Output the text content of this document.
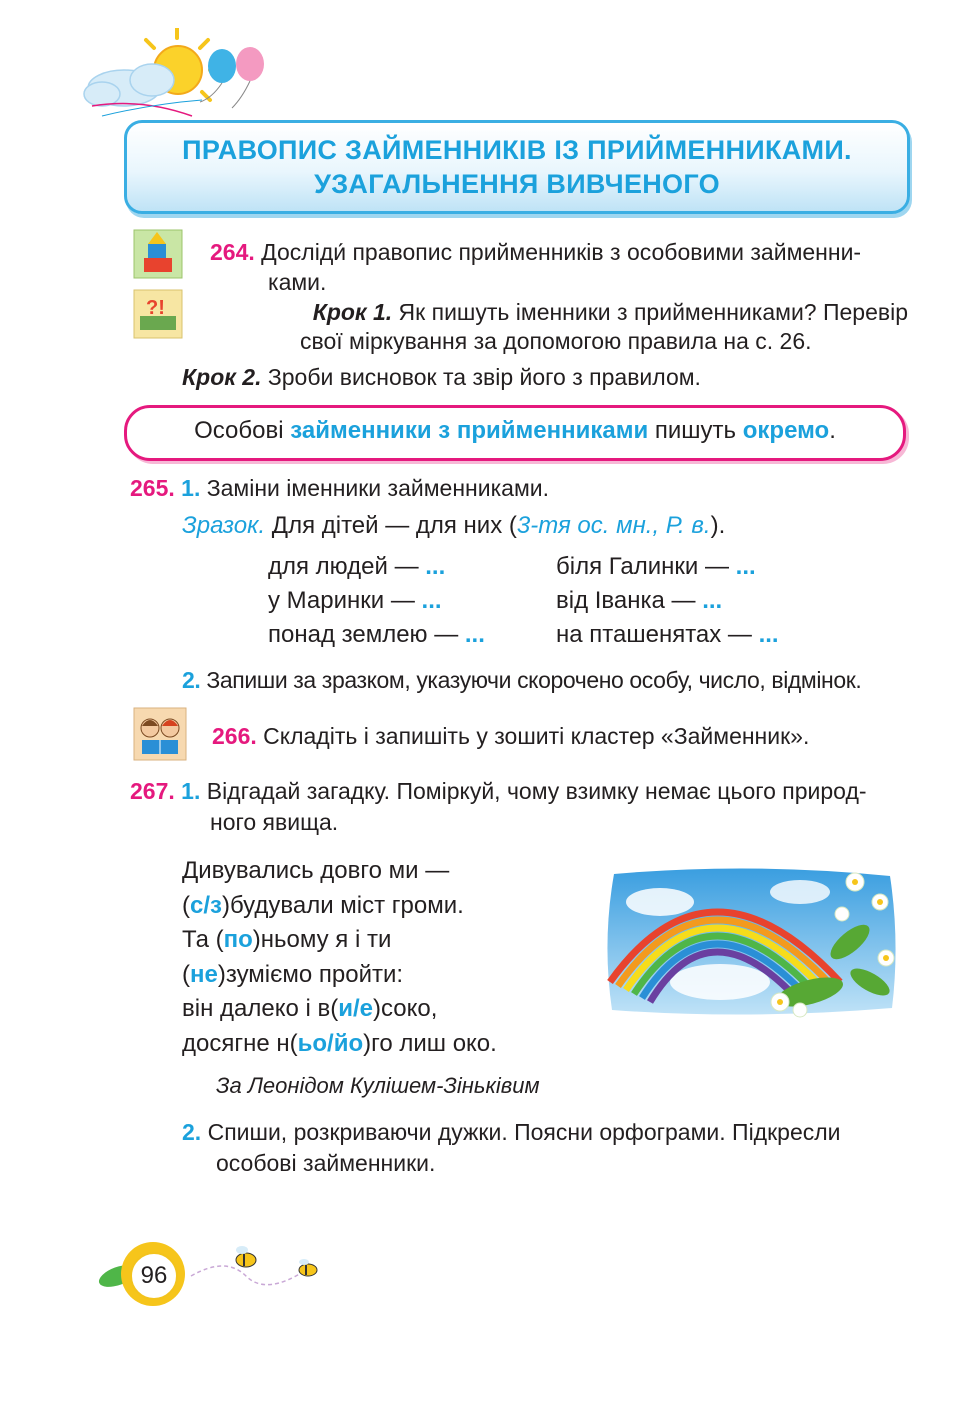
ПРАВОПИС ЗАЙМЕННИКІВ ІЗ ПРИЙМЕННИКАМИ.
УЗАГАЛЬНЕННЯ ВИВЧЕНОГО
?!
264. Досліди́ правопис прийменників з особовими займенни-
ками.
Крок 1. Як пишуть іменники з прийменниками? Перевір
свої міркування за допомогою правила на с. 26.
Крок 2. Зроби висновок та звір його з правилом.
Особові займенники з прийменниками пишуть окремо.
265. 1. Заміни іменники займенниками.
Зразок. Для дітей — для них (3-тя ос. мн., Р. в.).
для людей — ...
у Маринки — ...
понад землею — ...
біля Галинки — ...
від Іванка — ...
на пташенятах — ...
2. Запиши за зразком, указуючи скорочено особу, число, відмінок.
266. Складіть і запишіть у зошиті кластер «Займенник».
267. 1. Відгадай загадку. Поміркуй, чому взимку немає цього природ-
ного явища.
Дивувались довго ми —
(с/з)будували міст громи.
Та (по)ньому я і ти
(не)зуміємо пройти:
він далеко і в(и/е)соко,
досягне н(ьо/йо)го лиш око.
За Леонідом Кулішем-Зіньківим
2. Спиши, розкриваючи дужки. Поясни орфограми. Підкресли
особові займенники.
96
